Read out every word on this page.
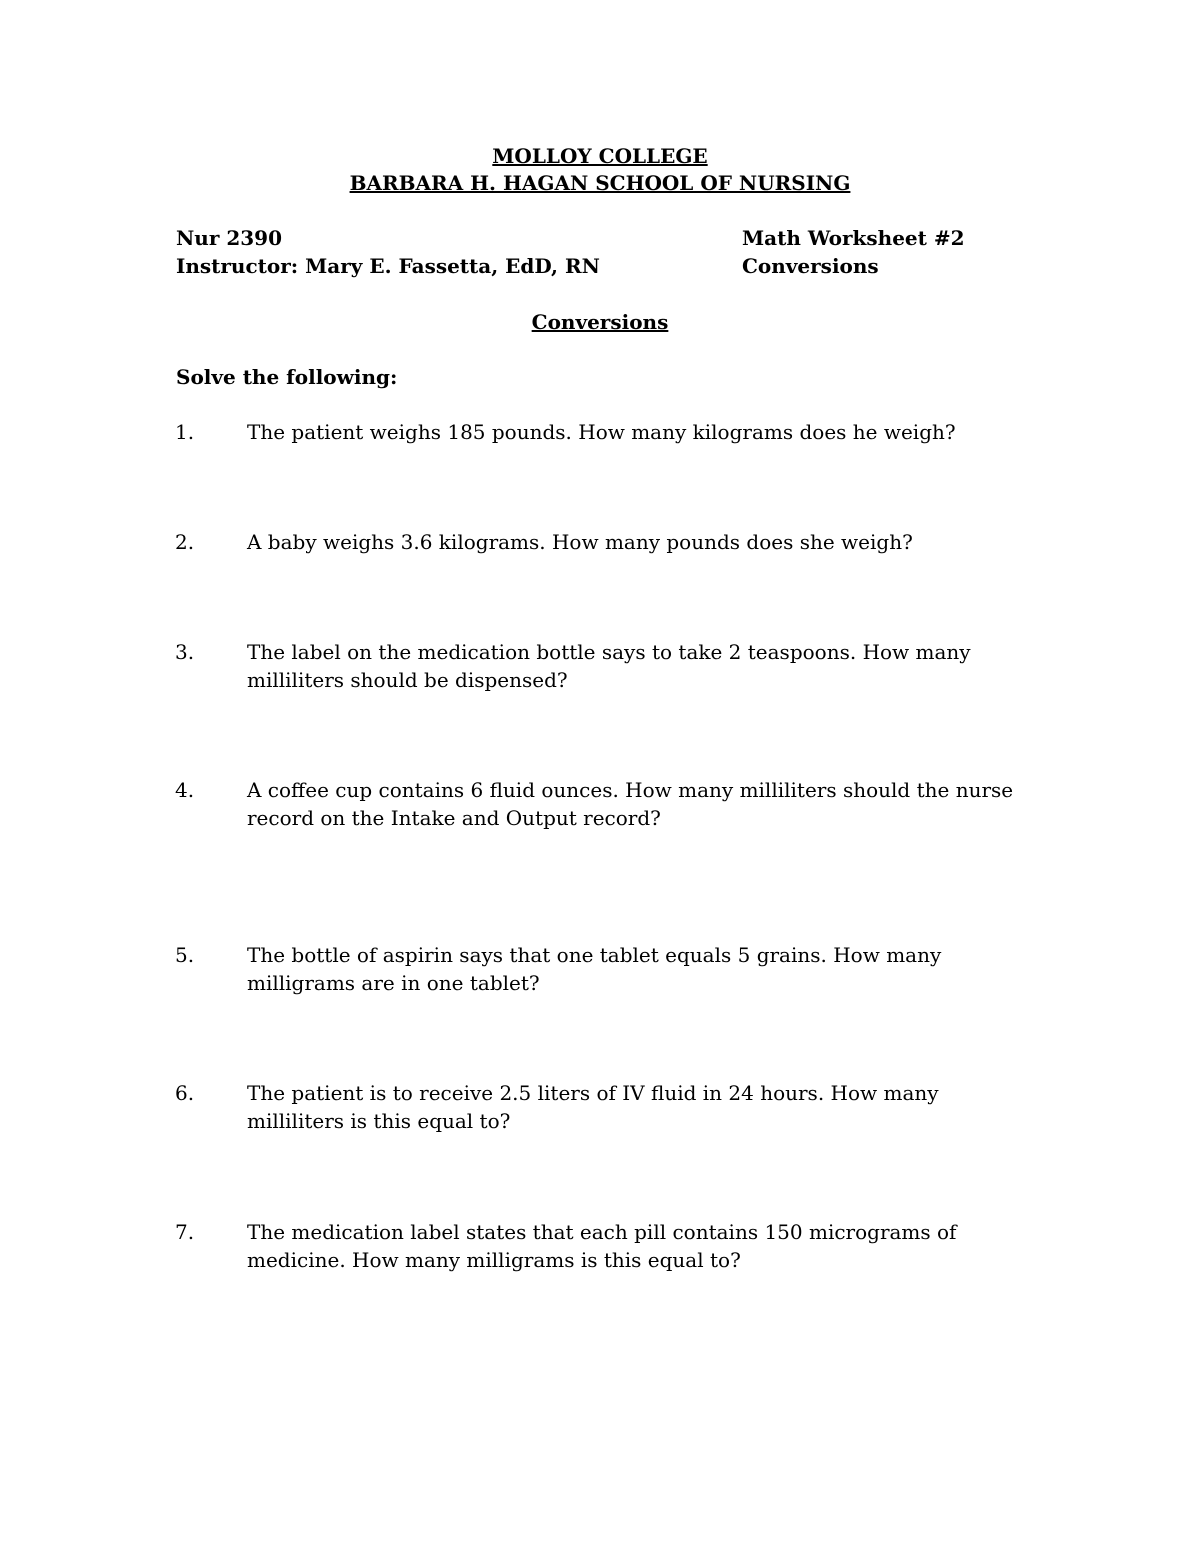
MOLLOY COLLEGE
BARBARA H. HAGAN SCHOOL OF NURSING
Nur 2390
Instructor: Mary E. Fassetta, EdD, RN
Math Worksheet #2
Conversions
Conversions
Solve the following:
1.	The patient weighs 185 pounds. How many kilograms does he weigh?
2.	A baby weighs 3.6 kilograms. How many pounds does she weigh?
3.	The label on the medication bottle says to take 2 teaspoons. How many milliliters should be dispensed?
4.	A coffee cup contains 6 fluid ounces. How many milliliters should the nurse record on the Intake and Output record?
5.	The bottle of aspirin says that one tablet equals 5 grains. How many milligrams are in one tablet?
6.	The patient is to receive 2.5 liters of IV fluid in 24 hours. How many milliliters is this equal to?
7.	The medication label states that each pill contains 150 micrograms of medicine. How many milligrams is this equal to?
